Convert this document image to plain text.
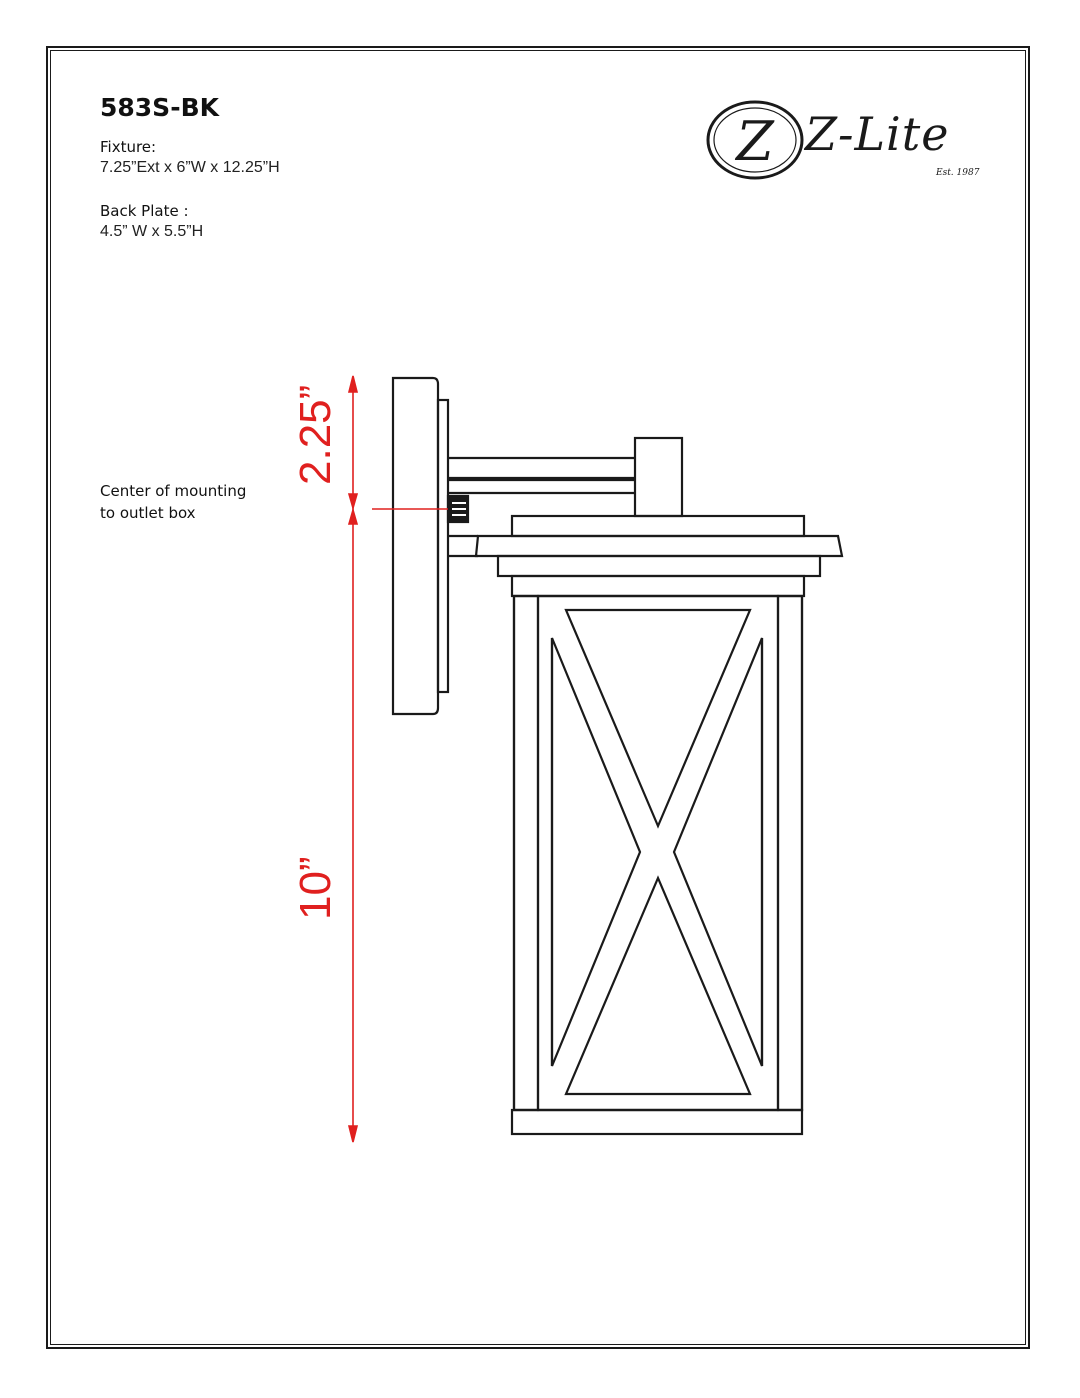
583S-BK
Fixture:
7.25”Ext x 6”W x 12.25”H
Back Plate :
4.5” W x 5.5”H
Center of mounting
to outlet box
Z Z-Lite
Est. 1987
2.25”
10”
